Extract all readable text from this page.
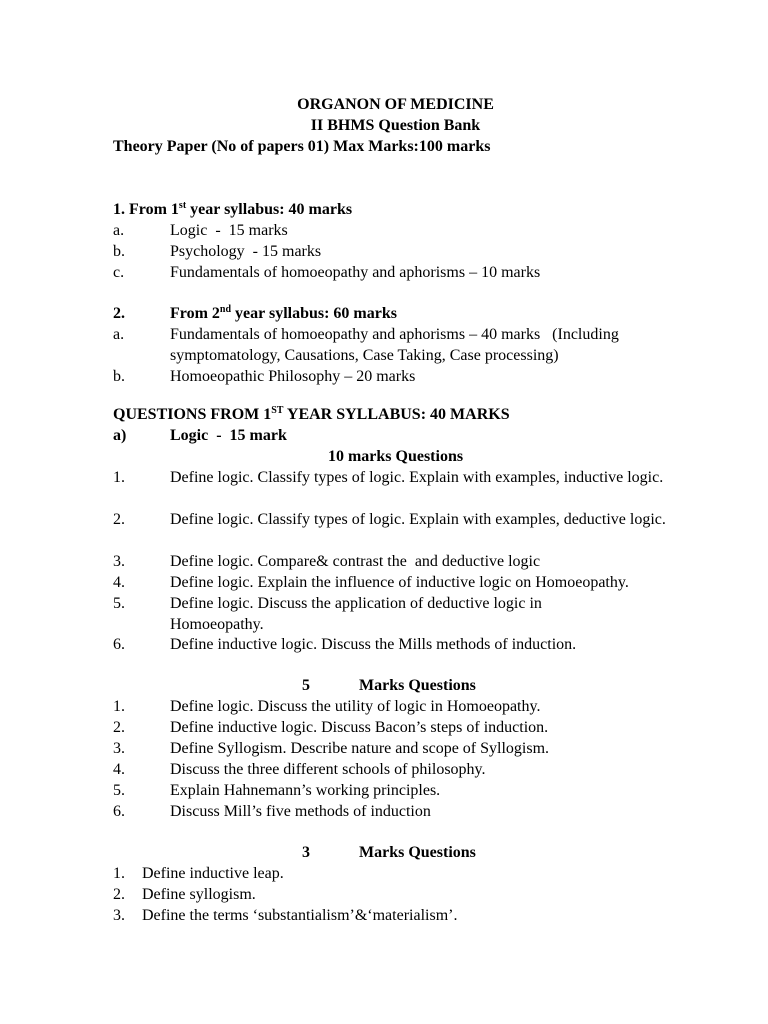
ORGANON OF MEDICINE
II BHMS Question Bank
Theory Paper (No of papers 01) Max Marks:100 marks
1. From 1st year syllabus: 40 marks
a.	Logic  -  15 marks
b.	Psychology  - 15 marks
c.	Fundamentals of homoeopathy and aphorisms – 10 marks
2.	From 2nd year syllabus: 60 marks
a.	Fundamentals of homoeopathy and aphorisms – 40 marks   (Including symptomatology, Causations, Case Taking, Case processing)
b.	Homoeopathic Philosophy – 20 marks
QUESTIONS FROM 1ST YEAR SYLLABUS: 40 MARKS
a)	Logic  -  15 mark
10 marks Questions
1.	Define logic. Classify types of logic. Explain with examples, inductive logic.
2.	Define logic. Classify types of logic. Explain with examples, deductive logic.
3.	Define logic. Compare& contrast the  and deductive logic
4.	Define logic. Explain the influence of inductive logic on Homoeopathy.
5.	Define logic. Discuss the application of deductive logic in Homoeopathy.
6.	Define inductive logic. Discuss the Mills methods of induction.
5	Marks Questions
1.	Define logic. Discuss the utility of logic in Homoeopathy.
2.	Define inductive logic. Discuss Bacon’s steps of induction.
3.	Define Syllogism. Describe nature and scope of Syllogism.
4.	Discuss the three different schools of philosophy.
5.	Explain Hahnemann’s working principles.
6.	Discuss Mill’s five methods of induction
3	Marks Questions
1. Define inductive leap.
2. Define syllogism.
3. Define the terms ‘substantialism’&‘materialism’.
